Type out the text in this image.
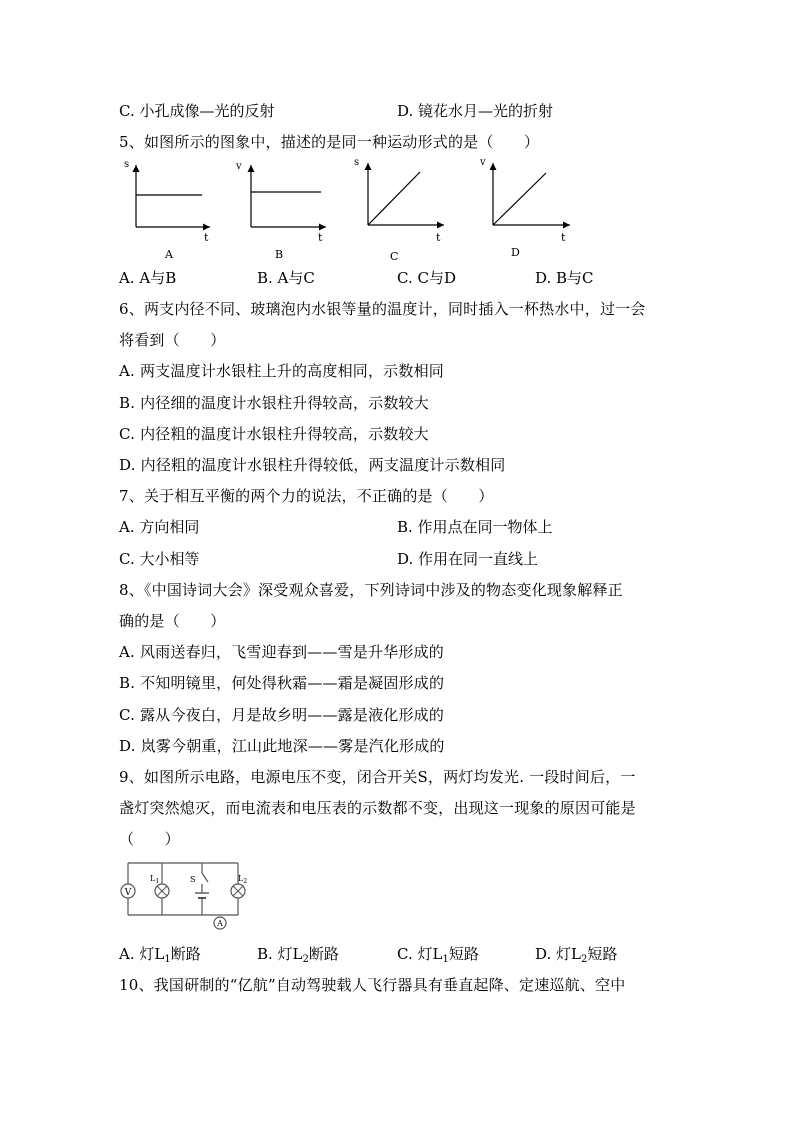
C. 小孔成像—光的反射	D. 镜花水月—光的折射
5、如图所示的图象中，描述的是同一种运动形式的是（　　）
s
t
A
v
t
B
s
t
C
v
t
D
A. A与B	B. A与C	C. C与D	D. B与C
6、两支内径不同、玻璃泡内水银等量的温度计，同时插入一杯热水中，过一会
将看到（　　）
A. 两支温度计水银柱上升的高度相同，示数相同
B. 内径细的温度计水银柱升得较高，示数较大
C. 内径粗的温度计水银柱升得较高，示数较大
D. 内径粗的温度计水银柱升得较低，两支温度计示数相同
7、关于相互平衡的两个力的说法，不正确的是（　　）
A. 方向相同	B. 作用点在同一物体上
C. 大小相等	D. 作用在同一直线上
8、《中国诗词大会》深受观众喜爱，下列诗词中涉及的物态变化现象解释正
确的是（　　）
A. 风雨送春归，飞雪迎春到——雪是升华形成的
B. 不知明镜里，何处得秋霜——霜是凝固形成的
C. 露从今夜白，月是故乡明——露是液化形成的
D. 岚雾今朝重，江山此地深——雾是汽化形成的
9、如图所示电路，电源电压不变，闭合开关S，两灯均发光. 一段时间后，一
盏灯突然熄灭，而电流表和电压表的示数都不变，出现这一现象的原因可能是
（　　）
V
$L_1$	S	$L_2$
A
A. 灯$L_1$断路	B. 灯$L_2$断路	C. 灯$L_1$短路	D. 灯$L_2$短路
10、我国研制的“亿航”自动驾驶载人飞行器具有垂直起降、定速巡航、空中
